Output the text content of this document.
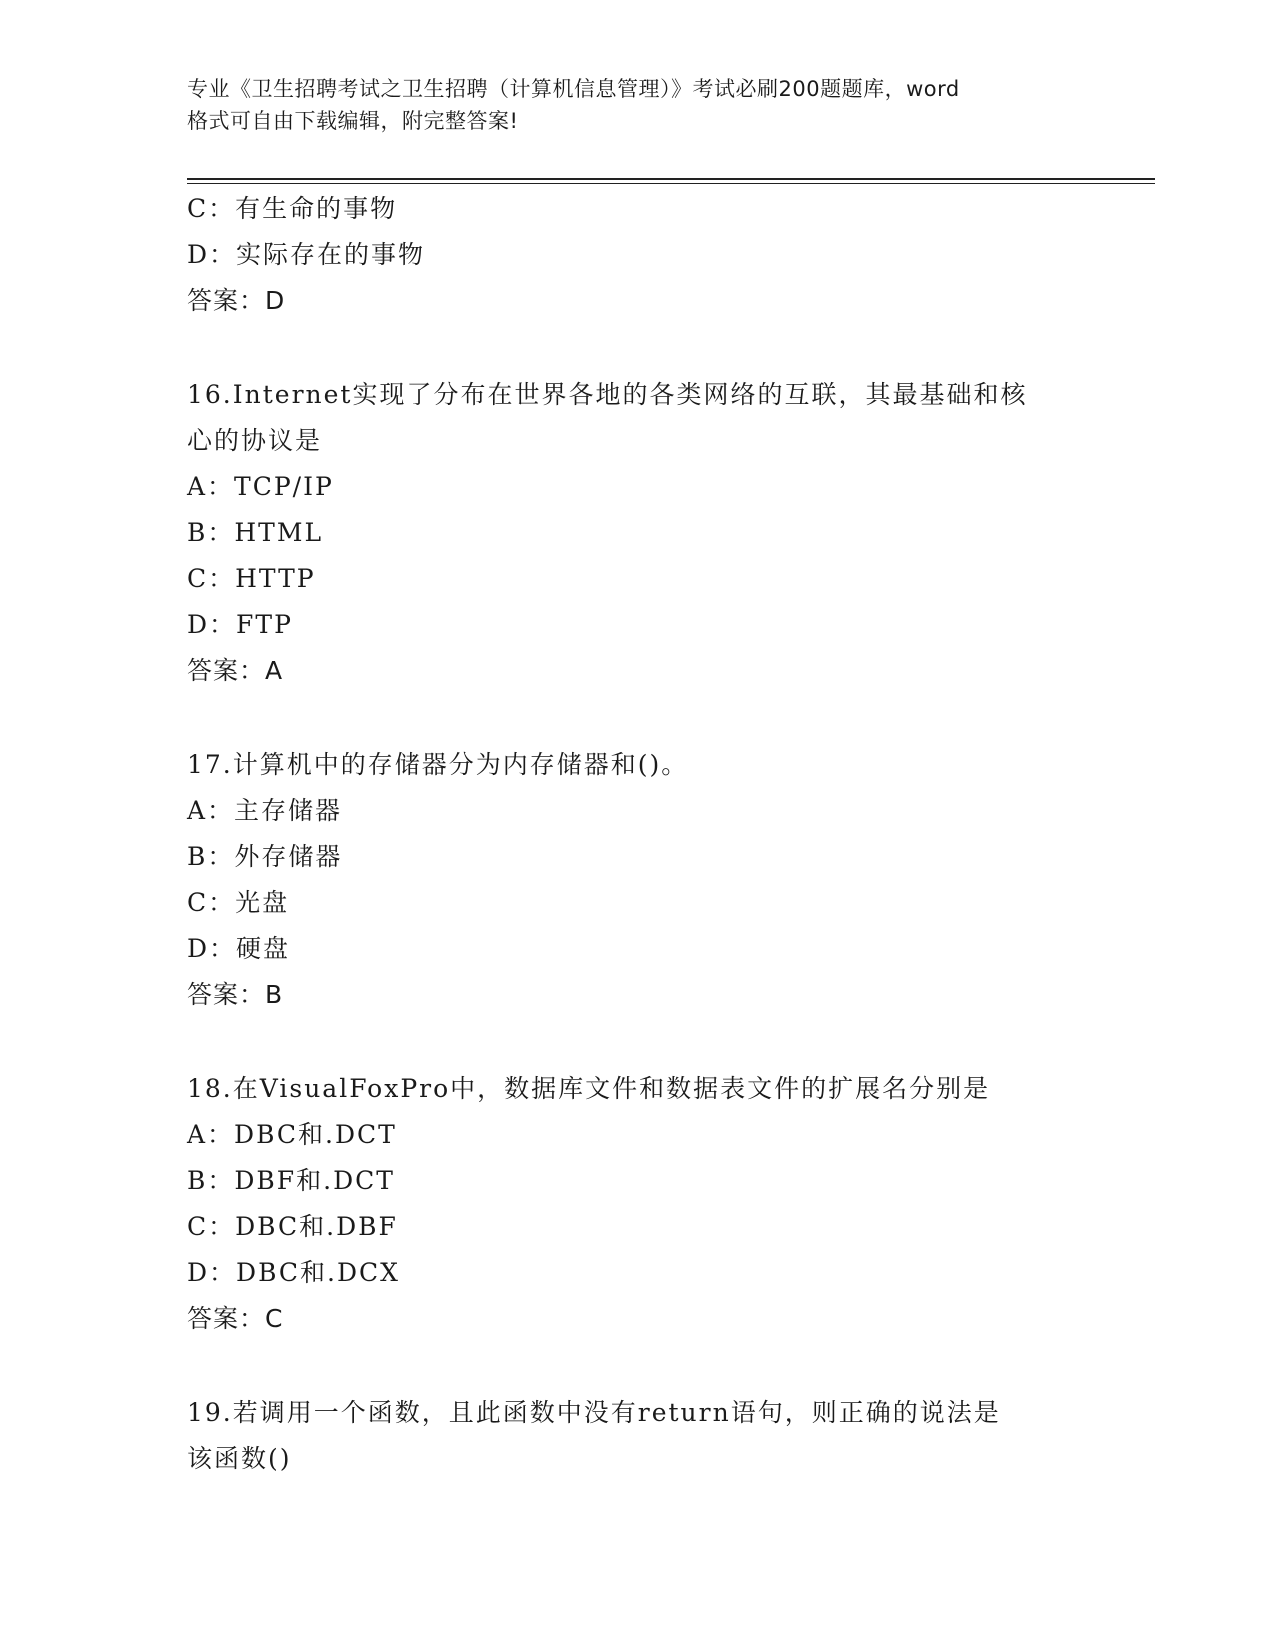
专业《卫生招聘考试之卫生招聘（计算机信息管理）》考试必刷200题题库，word
格式可自由下载编辑，附完整答案!
C：有生命的事物
D：实际存在的事物
答案：D
16.Internet实现了分布在世界各地的各类网络的互联，其最基础和核
心的协议是
A：TCP/IP
B：HTML
C：HTTP
D：FTP
答案：A
17.计算机中的存储器分为内存储器和()。
A：主存储器
B：外存储器
C：光盘
D：硬盘
答案：B
18.在VisualFoxPro中，数据库文件和数据表文件的扩展名分别是
A：DBC和.DCT
B：DBF和.DCT
C：DBC和.DBF
D：DBC和.DCX
答案：C
19.若调用一个函数，且此函数中没有return语句，则正确的说法是
该函数()
